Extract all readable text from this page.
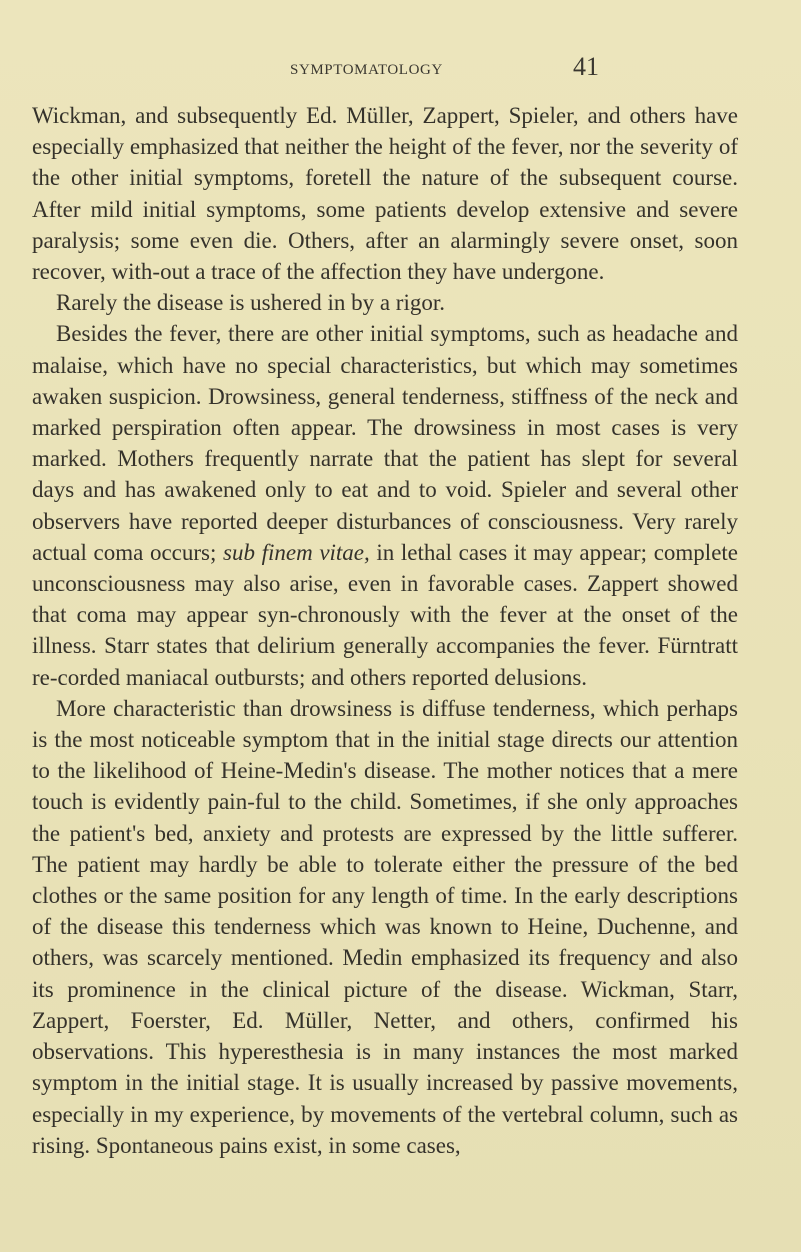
SYMPTOMATOLOGY	41

Wickman, and subsequently Ed. Müller, Zappert, Spieler, and others have especially emphasized that neither the height of the fever, nor the severity of the other initial symptoms, foretell the nature of the subsequent course. After mild initial symptoms, some patients develop extensive and severe paralysis; some even die. Others, after an alarmingly severe onset, soon recover, with-out a trace of the affection they have undergone.

Rarely the disease is ushered in by a rigor.

Besides the fever, there are other initial symptoms, such as headache and malaise, which have no special characteristics, but which may sometimes awaken suspicion. Drowsiness, general tenderness, stiffness of the neck and marked perspiration often appear. The drowsiness in most cases is very marked. Mothers frequently narrate that the patient has slept for several days and has awakened only to eat and to void. Spieler and several other observers have reported deeper disturbances of consciousness. Very rarely actual coma occurs; sub finem vitae, in lethal cases it may appear; complete unconsciousness may also arise, even in favorable cases. Zappert showed that coma may appear syn-chronously with the fever at the onset of the illness. Starr states that delirium generally accompanies the fever. Fürntratt re-corded maniacal outbursts; and others reported delusions.

More characteristic than drowsiness is diffuse tenderness, which perhaps is the most noticeable symptom that in the initial stage directs our attention to the likelihood of Heine-Medin's disease. The mother notices that a mere touch is evidently pain-ful to the child. Sometimes, if she only approaches the patient's bed, anxiety and protests are expressed by the little sufferer. The patient may hardly be able to tolerate either the pressure of the bed clothes or the same position for any length of time. In the early descriptions of the disease this tenderness which was known to Heine, Duchenne, and others, was scarcely mentioned. Medin emphasized its frequency and also its prominence in the clinical picture of the disease. Wickman, Starr, Zappert, Foerster, Ed. Müller, Netter, and others, confirmed his observations. This hyperesthesia is in many instances the most marked symptom in the initial stage. It is usually increased by passive movements, especially in my experience, by movements of the vertebral column, such as rising. Spontaneous pains exist, in some cases,
